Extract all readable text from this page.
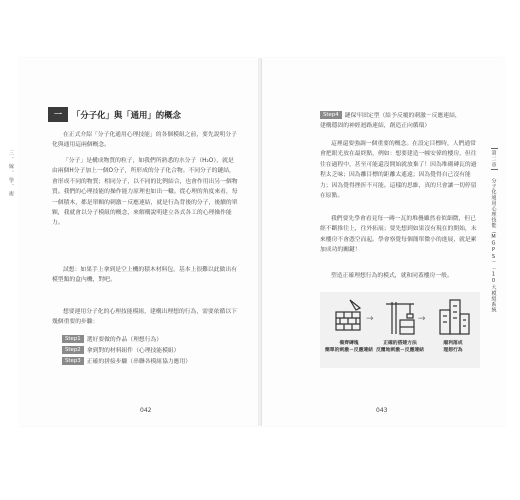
三、嫁、學、術
一	「分子化」與「通用」的概念
在正式介紹「分子化通用心理技能」的各個模組之前，要先說明分子化與通用這兩個概念。
「分子」是構成物質的粒子，如我們所熟悉的水分子（H₂O），就是由兩個H分子加上一個O分子，所形成的分子化合物。不同分子的鏈結，會形成不同的物質；相同分子，以不同的比例結合，也會作用出另一個物質。我們的心理技能的操作能力原理也如出一轍。從心理的角度來看，每一個積木，都是單顆的刺激－反應連結，就是行為背後的分子，後續的單顆，我就會以分子模組的概念，來解構說明建立各式各工的心理操作能力。
試想：如果手上拿到是空上機的積木材料包，基本上很難以此做出有模型類的盒內機，對吧。
想要運用分子化的心理技能模組，建構出理想的行為，需要依循以下幾個重要的步驟：
Step1	選好要做的作品（理想行為）
Step2	拿到對的材料組件（心理技能模組）
Step3	正確的拼接步驟（串聯各模組協力應用）
042
第二章
分子化通用心理技能（MGPS）－10大模組系統
Step4	鏈保牢固定型（給予反覆的刺激－反應連結，
建構穩固的神經迴路連結，創造正向循環）
這裡還要強調一個重要的概念。在設定目標時，人們通常會把眼光放在最終點，例如：想要建造一幢安偉的樓房，但往往在過程中，甚至可能還沒開始就放棄了！因為堆砌磚瓦的過程太乏味；因為離目標的距離太遙遠；因為覺得自己沒有能力；因為覺得挫折不可能。這樣的思維，真的只會讓一切停留在原點。
我們要先學會看見每一磚一瓦的堆疊雖然看似細微，但已經不斷推往上，往外拓展；要先想到如果沒有現在的開始，未來樓房不會憑空而起。學會察覺每個簡單微小的進展，就是累加成功的關鍵！
塑造正確理想行為的模式，就和同蓋樓房一般。
→	→
備齊磚塊
簡單的刺激－反應連結
正確的搭建方法
反覆地刺激－反應連結
順利落成
理想行為
043
